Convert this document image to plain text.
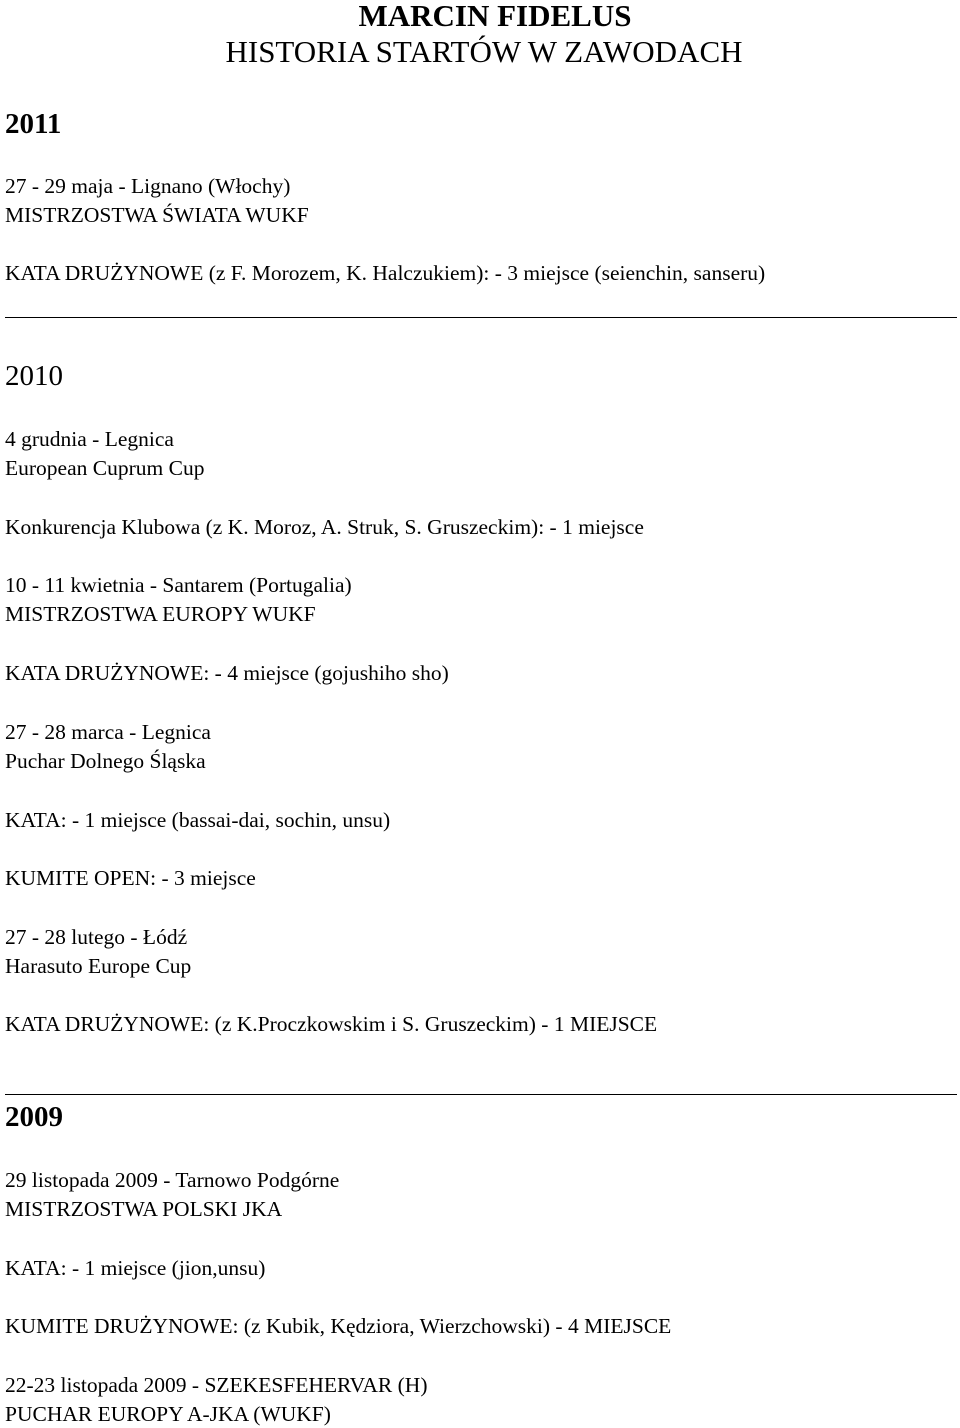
MARCIN FIDELUS
HISTORIA STARTÓW W ZAWODACH
2011
27 - 29 maja - Lignano (Włochy)
MISTRZOSTWA ŚWIATA WUKF
KATA DRUŻYNOWE (z F. Morozem, K. Halczukiem): - 3 miejsce (seienchin, sanseru)
2010
4 grudnia - Legnica
European Cuprum Cup
Konkurencja Klubowa (z K. Moroz, A. Struk, S. Gruszeckim): - 1 miejsce
10 - 11 kwietnia - Santarem (Portugalia)
MISTRZOSTWA EUROPY WUKF
KATA DRUŻYNOWE: - 4 miejsce (gojushiho sho)
27 - 28 marca - Legnica
Puchar Dolnego Śląska
KATA: - 1 miejsce (bassai-dai, sochin, unsu)
KUMITE OPEN: - 3 miejsce
27 - 28 lutego - Łódź
Harasuto Europe Cup
KATA DRUŻYNOWE: (z K.Proczkowskim i S. Gruszeckim) - 1 MIEJSCE
2009
29 listopada 2009 - Tarnowo Podgórne
MISTRZOSTWA POLSKI JKA
KATA: - 1 miejsce (jion,unsu)
KUMITE DRUŻYNOWE: (z Kubik, Kędziora, Wierzchowski) - 4 MIEJSCE
22-23 listopada 2009 - SZEKESFEHERVAR (H)
PUCHAR EUROPY A-JKA (WUKF)
